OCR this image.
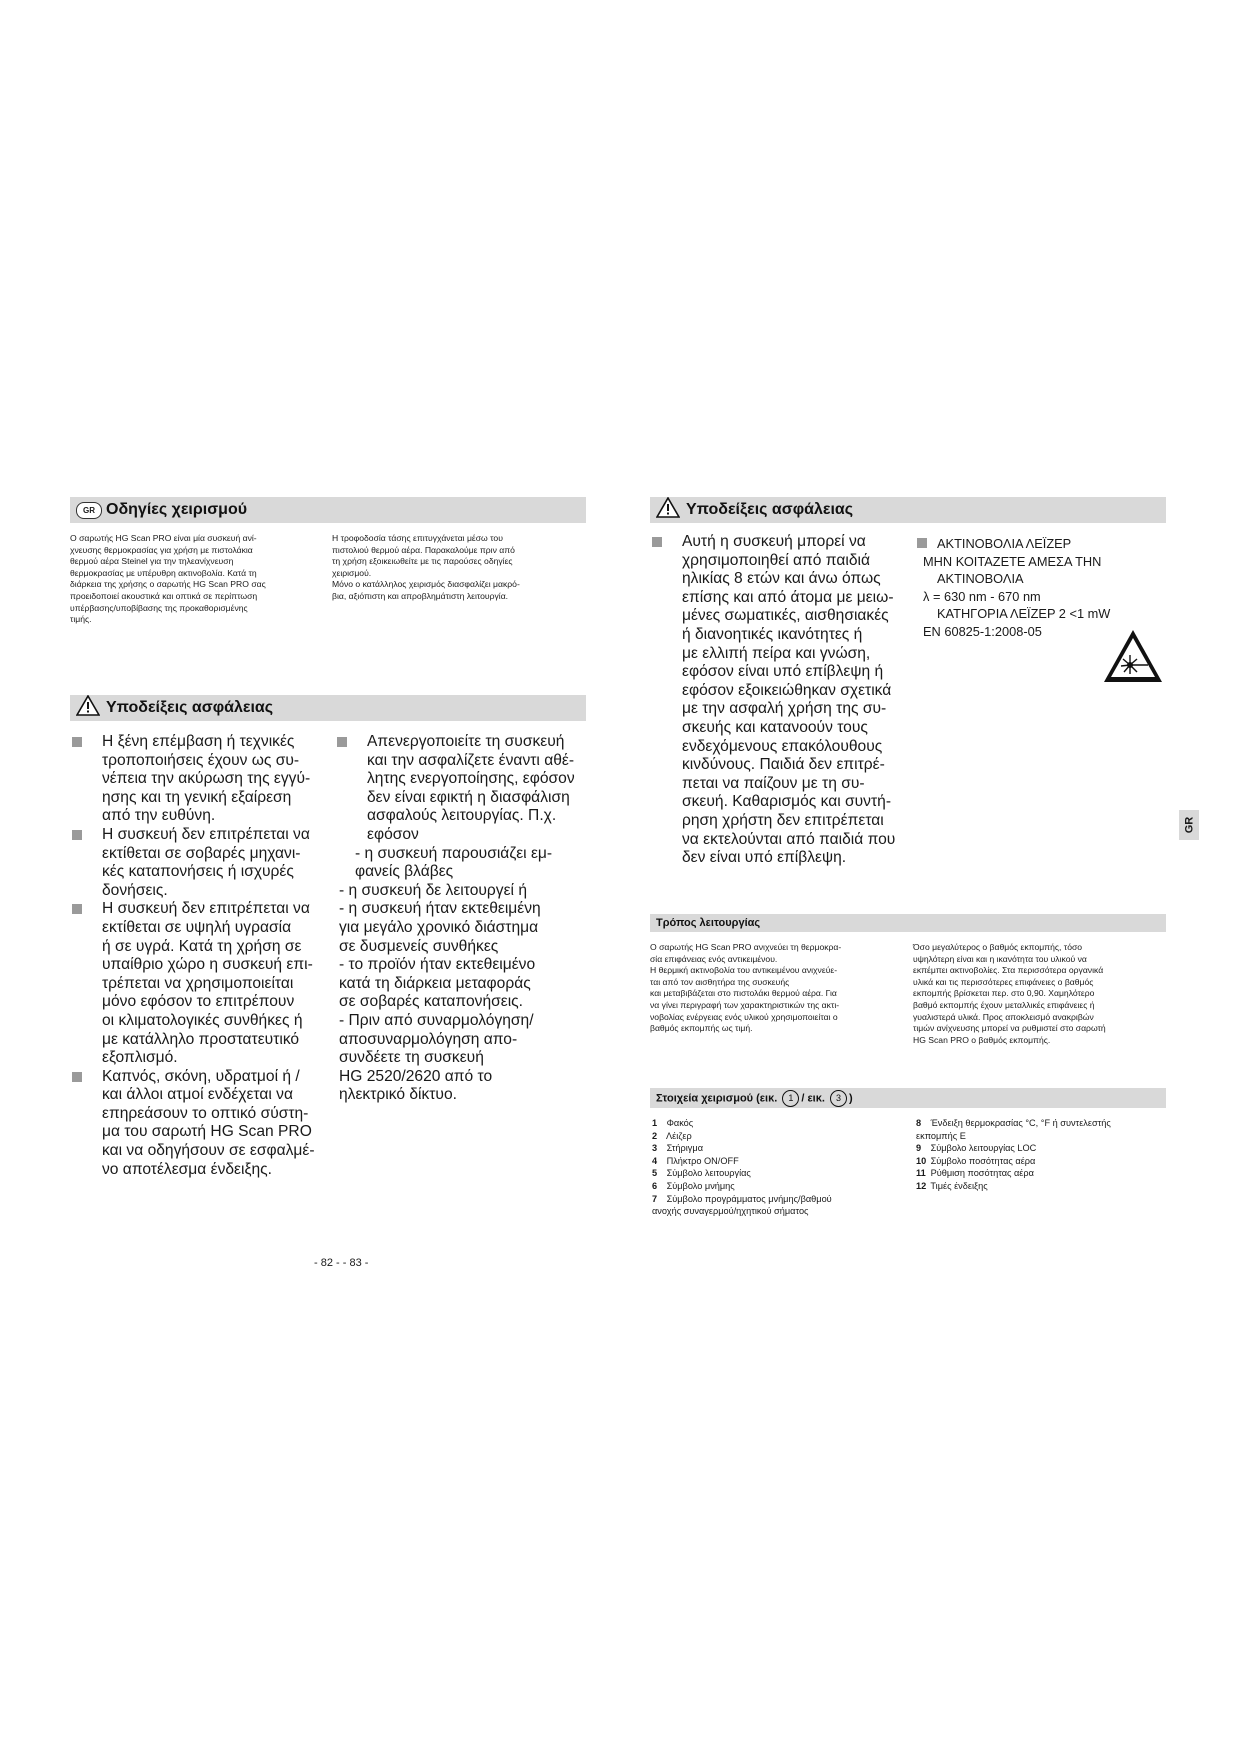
GR Οδηγίες χειρισμού

Ο σαρωτής HG Scan PRO είναι μία συσκευή ανί-
χνευσης θερμοκρασίας για χρήση με πιστολάκια
θερμού αέρα Steinel για την τηλεανίχνευση
θερμοκρασίας με υπέρυθρη ακτινοβολία. Κατά τη
διάρκεια της χρήσης ο σαρωτής HG Scan PRO σας
προειδοποιεί ακουστικά και οπτικά σε περίπτωση
υπέρβασης/υποβίβασης της προκαθορισμένης
τιμής.

Η τροφοδοσία τάσης επιτυγχάνεται μέσω του
πιστολιού θερμού αέρα. Παρακαλούμε πριν από
τη χρήση εξοικειωθείτε με τις παρούσες οδηγίες
χειρισμού.
Μόνο ο κατάλληλος χειρισμός διασφαλίζει μακρό-
βια, αξιόπιστη και απροβλημάτιστη λειτουργία.

Υποδείξεις ασφάλειας
Η ξένη επέμβαση ή τεχνικές
τροποποιήσεις έχουν ως συ-
νέπεια την ακύρωση της εγγύ-
ησης και τη γενική εξαίρεση
από την ευθύνη.
Η συσκευή δεν επιτρέπεται να
εκτίθεται σε σοβαρές μηχανι-
κές καταπονήσεις ή ισχυρές
δονήσεις.
Η συσκευή δεν επιτρέπεται να
εκτίθεται σε υψηλή υγρασία
ή σε υγρά. Κατά τη χρήση σε
υπαίθριο χώρο η συσκευή επι-
τρέπεται να χρησιμοποιείται
μόνο εφόσον το επιτρέπουν
οι κλιματολογικές συνθήκες ή
με κατάλληλο προστατευτικό
εξοπλισμό.
Καπνός, σκόνη, υδρατμοί ή /
και άλλοι ατμοί ενδέχεται να
επηρεάσουν το οπτικό σύστη-
μα του σαρωτή HG Scan PRO
και να οδηγήσουν σε εσφαλμέ-
νο αποτέλεσμα ένδειξης.
Απενεργοποιείτε τη συσκευή
και την ασφαλίζετε έναντι αθέ-
λητης ενεργοποίησης, εφόσον
δεν είναι εφικτή η διασφάλιση
ασφαλούς λειτουργίας. Π.χ.
εφόσον
- η συσκευή παρουσιάζει εμ-
φανείς βλάβες
- η συσκευή δε λειτουργεί ή
- η συσκευή ήταν εκτεθειμένη
για μεγάλο χρονικό διάστημα
σε δυσμενείς συνθήκες
- το προϊόν ήταν εκτεθειμένο
κατά τη διάρκεια μεταφοράς
σε σοβαρές καταπονήσεις.
- Πριν από συναρμολόγηση/
αποσυναρμολόγηση απο-
συνδέετε τη συσκευή
HG 2520/2620 από το
ηλεκτρικό δίκτυο.
- 82 - - 83 -
Υποδείξεις ασφάλειας
Αυτή η συσκευή μπορεί να
χρησιμοποιηθεί από παιδιά
ηλικίας 8 ετών και άνω όπως
επίσης και από άτομα με μειω-
μένες σωματικές, αισθησιακές
ή διανοητικές ικανότητες ή
με ελλιπή πείρα και γνώση,
εφόσον είναι υπό επίβλεψη ή
εφόσον εξοικειώθηκαν σχετικά
με την ασφαλή χρήση της συ-
σκευής και κατανοούν τους
ενδεχόμενους επακόλουθους
κινδύνους. Παιδιά δεν επιτρέ-
πεται να παίζουν με τη συ-
σκευή. Καθαρισμός και συντή-
ρηση χρήστη δεν επιτρέπεται
να εκτελούνται από παιδιά που
δεν είναι υπό επίβλεψη.
ΑΚΤΙΝΟΒΟΛΙΑ ΛΕΪΖΕΡ
ΜΗΝ ΚΟΙΤΑΖΕΤΕ ΑΜΕΣΑ ΤΗΝ
ΑΚΤΙΝΟΒΟΛΙΑ
λ = 630 nm - 670 nm
ΚΑΤΗΓΟΡΙΑ ΛΕΪΖΕΡ 2 <1 mW
EN 60825-1:2008-05
GR
Τρόπος λειτουργίας

Ο σαρωτής HG Scan PRO ανιχνεύει τη θερμοκρα-
σία επιφάνειας ενός αντικειμένου.
Η θερμική ακτινοβολία του αντικειμένου ανιχνεύε-
ται από τον αισθητήρα της συσκευής
και μεταβιβάζεται στο πιστολάκι θερμού αέρα. Για
να γίνει περιγραφή των χαρακτηριστικών της ακτι-
νοβολίας ενέργειας ενός υλικού χρησιμοποιείται ο
βαθμός εκπομπής ως τιμή.

Όσο μεγαλύτερος ο βαθμός εκπομπής, τόσο
υψηλότερη είναι και η ικανότητα του υλικού να
εκπέμπει ακτινοβολίες. Στα περισσότερα οργανικά
υλικά και τις περισσότερες επιφάνειες ο βαθμός
εκπομπής βρίσκεται περ. στο 0,90. Χαμηλότερο
βαθμό εκπομπής έχουν μεταλλικές επιφάνειες ή
γυαλιστερά υλικά. Προς αποκλεισμό ανακριβών
τιμών ανίχνευσης μπορεί να ρυθμιστεί στο σαρωτή
HG Scan PRO ο βαθμός εκπομπής.

Στοιχεία χειρισμού (εικ. 1 / εικ. 3 )
1 Φακός
2 Λέιζερ
3 Στήριγμα
4 Πλήκτρο ON/OFF
5 Σύμβολο λειτουργίας
6 Σύμβολο μνήμης
7 Σύμβολο προγράμματος μνήμης/βαθμού
ανοχής συναγερμού/ηχητικού σήματος
8 Ένδειξη θερμοκρασίας °C, °F ή συντελεστής
εκπομπής Ε
9 Σύμβολο λειτουργίας LOC
10 Σύμβολο ποσότητας αέρα
11 Ρύθμιση ποσότητας αέρα
12 Τιμές ένδειξης
